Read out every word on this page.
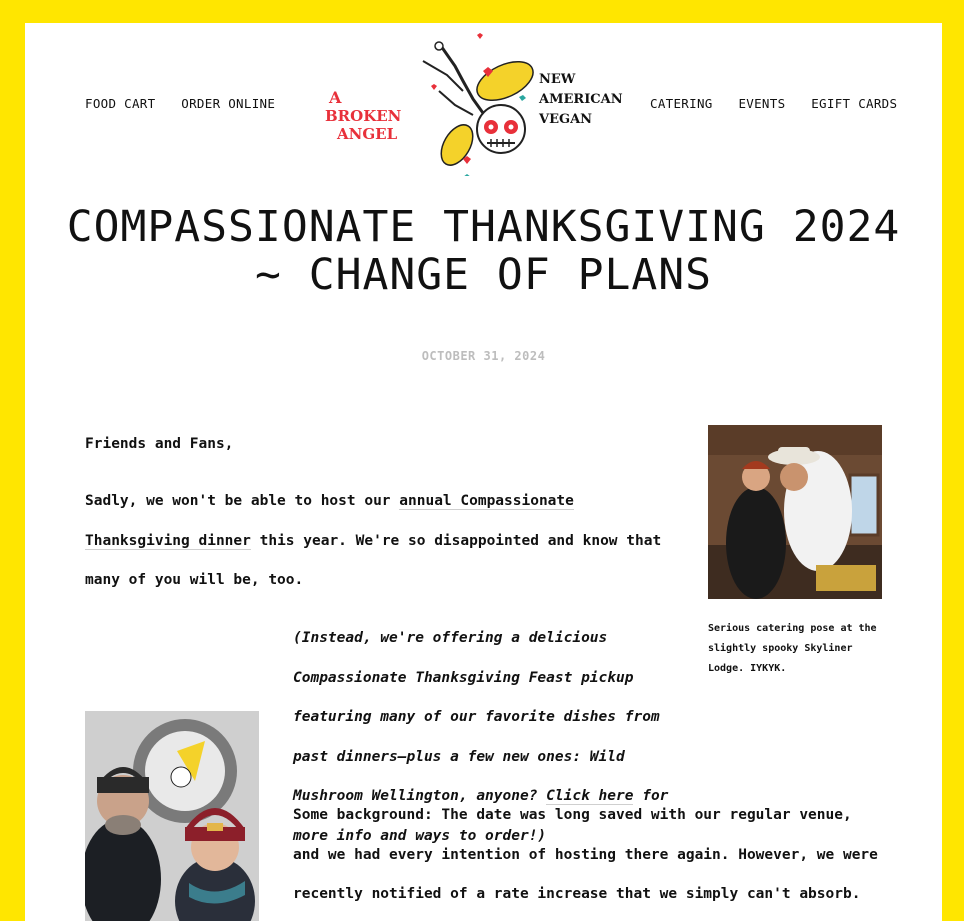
FOOD CART ORDER ONLINE	A
BROKEN
ANGEL
NEW
AMERICAN
VEGAN
CATERING EVENTS EGIFT CARDS
COMPASSIONATE THANKSGIVING 2024
~ CHANGE OF PLANS
OCTOBER 31, 2024
Friends and Fans,
Sadly, we won't be able to host our annual Compassionate Thanksgiving dinner this year. We're so disappointed and know that many of you will be, too.
Serious catering pose at the slightly spooky Skyliner Lodge. IYKYK.
(Instead, we're offering a delicious Compassionate Thanksgiving Feast pickup featuring many of our favorite dishes from past dinners—plus a few new ones: Wild Mushroom Wellington, anyone? Click here for more info and ways to order!)
Some background: The date was long saved with our regular venue, and we had every intention of hosting there again. However, we were recently notified of a rate increase that we simply can't absorb.
